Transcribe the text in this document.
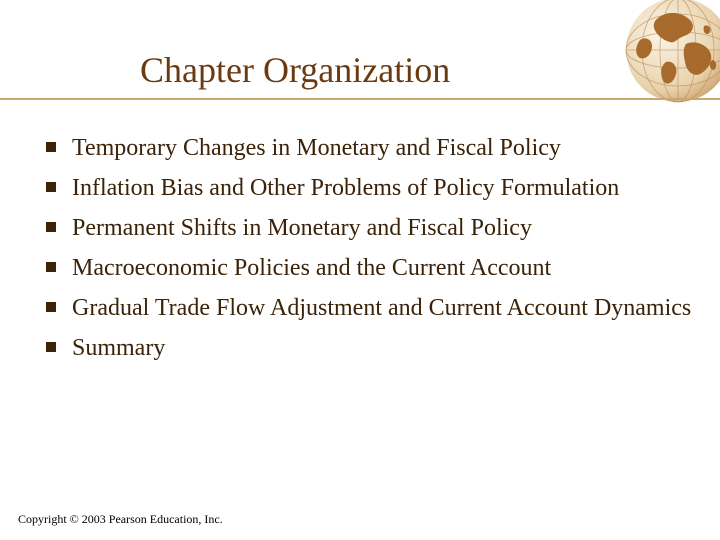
Chapter Organization
Temporary Changes in Monetary and Fiscal Policy
Inflation Bias and Other Problems of Policy Formulation
Permanent Shifts in Monetary and Fiscal Policy
Macroeconomic Policies and the Current Account
Gradual Trade Flow Adjustment and Current Account Dynamics
Summary
Copyright © 2003 Pearson Education, Inc.
